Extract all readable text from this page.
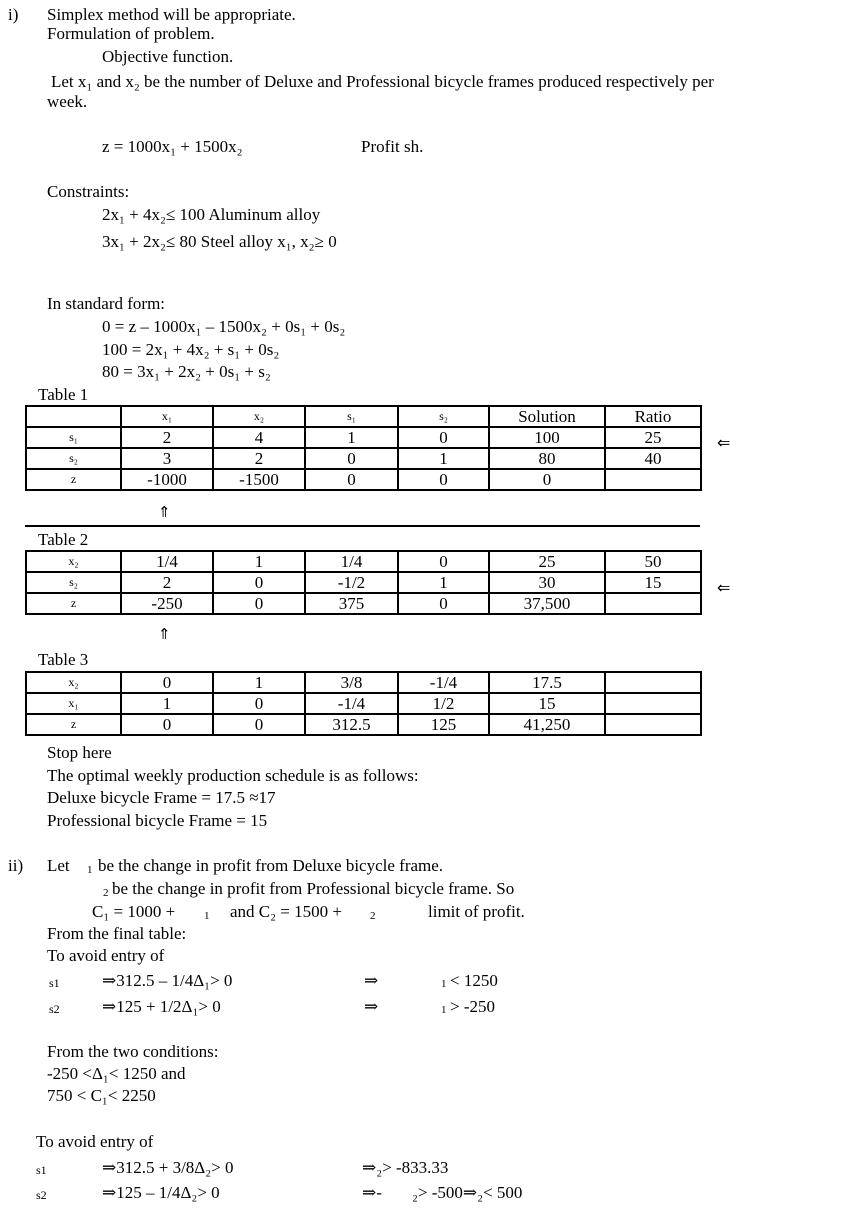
i) Simplex method will be appropriate.
Formulation of problem.
Objective function.
Let x₁ and x₂ be the number of Deluxe and Professional bicycle frames produced respectively per
week.
z = 1000x₁ + 1500x₂	Profit sh.
Constraints:
2x₁ + 4x₂≤ 100 Aluminum alloy
3x₁ + 2x₂≤ 80 Steel alloy x₁, x₂≥ 0
In standard form:
0 = z – 1000x₁ – 1500x₂ + 0s₁ + 0s₂
100 = 2x₁ + 4x₂ + s₁ + 0s₂
80 = 3x₁ + 2x₂ + 0s₁ + s₂
Table 1
	x₁	x₂	s₁	s₂	Solution	Ratio
s₁	2	4	1	0	100	25
s₂	3	2	0	1	80	40
z	-1000	-1500	0	0	0	
⇐
⇑
Table 2
x₂	1/4	1	1/4	0	25	50
s₂	2	0	-1/2	1	30	15
z	-250	0	375	0	37,500	
⇐
⇑
Table 3
x₂	0	1	3/8	-1/4	17.5	
x₁	1	0	-1/4	1/2	15	
z	0	0	312.5	125	41,250	
Stop here
The optimal weekly production schedule is as follows:
Deluxe bicycle Frame = 17.5 ≈17
Professional bicycle Frame = 15
ii) Let 1 be the change in profit from Deluxe bicycle frame.
2 be the change in profit from Professional bicycle frame. So
C₁ = 1000 +	1 and C₂ = 1500 +	2	limit of profit.
From the final table:
To avoid entry of
s1 ⇒312.5 – 1/4Δ₁> 0	⇒	1 < 1250
s2 ⇒125 + 1/2Δ₁> 0	⇒	1 > -250
From the two conditions:
-250 <Δ₁< 1250 and
750 < C₁< 2250
To avoid entry of
s1	⇒312.5 + 3/8Δ₂> 0	⇒₂> -833.33
s2	⇒125 – 1/4Δ₂> 0	⇒- ₂> -500⇒₂< 500
